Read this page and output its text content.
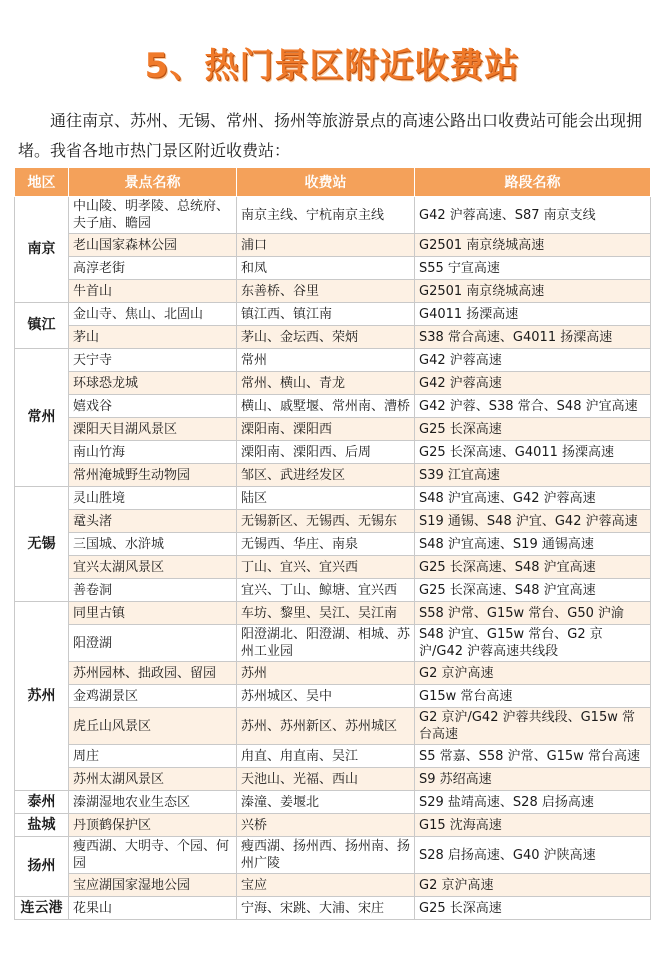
5、热门景区附近收费站
通往南京、苏州、无锡、常州、扬州等旅游景点的高速公路出口收费站可能会出现拥堵。我省各地市热门景区附近收费站：
地区	景点名称	收费站	路段名称
南京	中山陵、明孝陵、总统府、夫子庙、瞻园	南京主线、宁杭南京主线	G42 沪蓉高速、S87 南京支线
	老山国家森林公园	浦口	G2501 南京绕城高速
	高淳老街	和凤	S55 宁宣高速
	牛首山	东善桥、谷里	G2501 南京绕城高速
镇江	金山寺、焦山、北固山	镇江西、镇江南	G4011 扬溧高速
	茅山	茅山、金坛西、荣炳	S38 常合高速、G4011 扬溧高速
常州	天宁寺	常州	G42 沪蓉高速
	环球恐龙城	常州、横山、青龙	G42 沪蓉高速
	嬉戏谷	横山、戚墅堰、常州南、漕桥	G42 沪蓉、S38 常合、S48 沪宜高速
	溧阳天目湖风景区	溧阳南、溧阳西	G25 长深高速
	南山竹海	溧阳南、溧阳西、后周	G25 长深高速、G4011 扬溧高速
	常州淹城野生动物园	邹区、武进经发区	S39 江宜高速
无锡	灵山胜境	陆区	S48 沪宜高速、G42 沪蓉高速
	鼋头渚	无锡新区、无锡西、无锡东	S19 通锡、S48 沪宜、G42 沪蓉高速
	三国城、水浒城	无锡西、华庄、南泉	S48 沪宜高速、S19 通锡高速
	宜兴太湖风景区	丁山、宜兴、宜兴西	G25 长深高速、S48 沪宜高速
	善卷洞	宜兴、丁山、鲸塘、宜兴西	G25 长深高速、S48 沪宜高速
苏州	同里古镇	车坊、黎里、吴江、吴江南	S58 沪常、G15w 常台、G50 沪渝
	阳澄湖	阳澄湖北、阳澄湖、相城、苏州工业园	S48 沪宜、G15w 常台、G2 京沪/G42 沪蓉高速共线段
	苏州园林、拙政园、留园	苏州	G2 京沪高速
	金鸡湖景区	苏州城区、吴中	G15w 常台高速
	虎丘山风景区	苏州、苏州新区、苏州城区	G2 京沪/G42 沪蓉共线段、G15w 常台高速
	周庄	甪直、甪直南、吴江	S5 常嘉、S58 沪常、G15w 常台高速
	苏州太湖风景区	天池山、光福、西山	S9 苏绍高速
泰州	溱湖湿地农业生态区	溱潼、姜堰北	S29 盐靖高速、S28 启扬高速
盐城	丹顶鹤保护区	兴桥	G15 沈海高速
扬州	瘦西湖、大明寺、个园、何园	瘦西湖、扬州西、扬州南、扬州广陵	S28 启扬高速、G40 沪陕高速
	宝应湖国家湿地公园	宝应	G2 京沪高速
连云港	花果山	宁海、宋跳、大浦、宋庄	G25 长深高速
